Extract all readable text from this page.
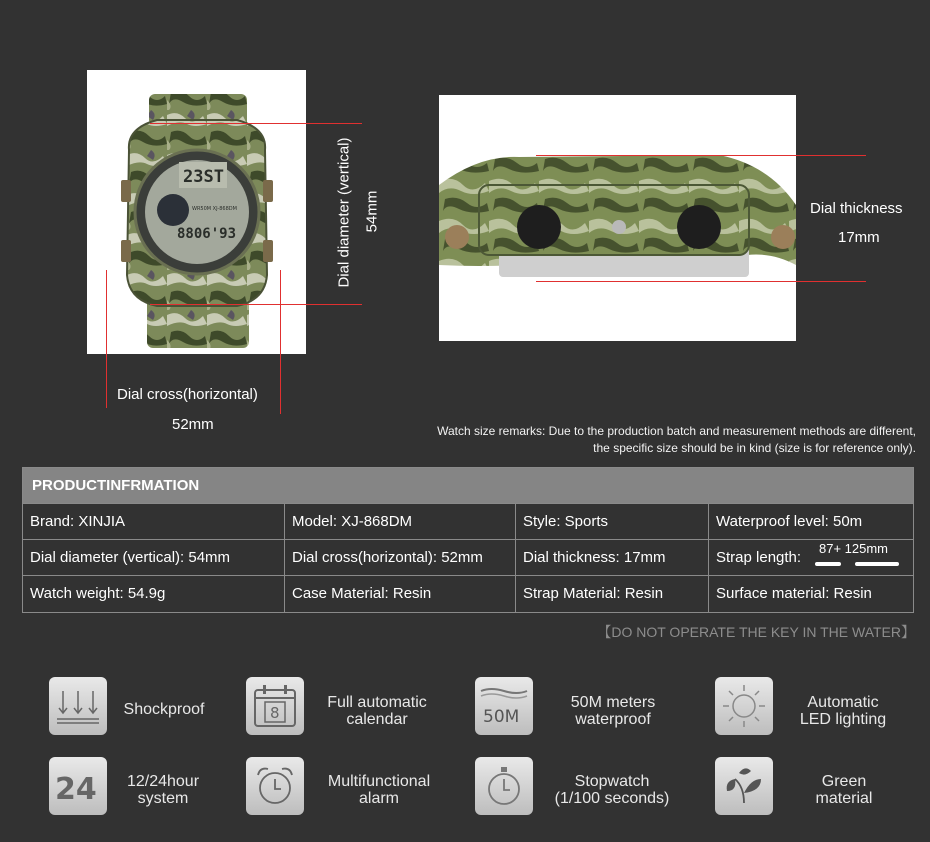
23ST
WR50M XJ-868DM
8806'93	Dial diameter (vertical) 54mm
Dial cross(horizontal)
52mm
Dial thickness
17mm
Watch size remarks: Due to the production batch and measurement methods are different,
the specific size should be in kind (size is for reference only).
PRODUCTINFRMATION
Brand: XINJIA	Model: XJ-868DM	Style: Sports	Waterproof level: 50m
Dial diameter (vertical): 54mm	Dial cross(horizontal): 52mm	Dial thickness: 17mm	Strap length:
87+ 125mm
Watch weight: 54.9g	Case Material: Resin	Strap Material: Resin	Surface material: Resin
【DO NOT OPERATE THE KEY IN THE WATER】
Shockproof	8
Full automatic
calendar	50M
50M meters
waterproof
Automatic
LED lighting
24	12/24hour
system
Multifunctional
alarm
Stopwatch
(1/100 seconds)
Green
material
